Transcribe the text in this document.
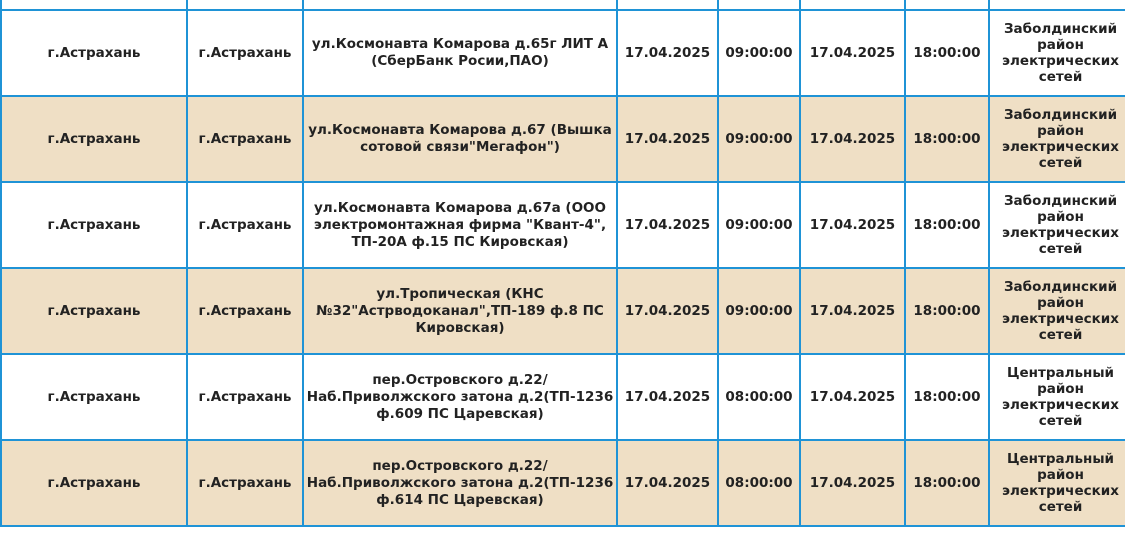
г.Астрахань	г.Астрахань	ул.Космонавта Комарова д.65г ЛИТ А (СберБанк Росии,ПАО)	17.04.2025	09:00:00	17.04.2025	18:00:00	Заболдинский район электрических сетей
г.Астрахань	г.Астрахань	ул.Космонавта Комарова д.67 (Вышка сотовой связи"Мегафон")	17.04.2025	09:00:00	17.04.2025	18:00:00	Заболдинский район электрических сетей
г.Астрахань	г.Астрахань	ул.Космонавта Комарова д.67а (ООО электромонтажная фирма "Квант-4", ТП-20А ф.15 ПС Кировская)	17.04.2025	09:00:00	17.04.2025	18:00:00	Заболдинский район электрических сетей
г.Астрахань	г.Астрахань	ул.Тропическая (КНС №32"Астрводоканал",ТП-189 ф.8 ПС Кировская)	17.04.2025	09:00:00	17.04.2025	18:00:00	Заболдинский район электрических сетей
г.Астрахань	г.Астрахань	пер.Островского д.22/ Наб.Приволжского затона д.2(ТП-1236 ф.609 ПС Царевская)	17.04.2025	08:00:00	17.04.2025	18:00:00	Центральный район электрических сетей
г.Астрахань	г.Астрахань	пер.Островского д.22/ Наб.Приволжского затона д.2(ТП-1236 ф.614 ПС Царевская)	17.04.2025	08:00:00	17.04.2025	18:00:00	Центральный район электрических сетей
